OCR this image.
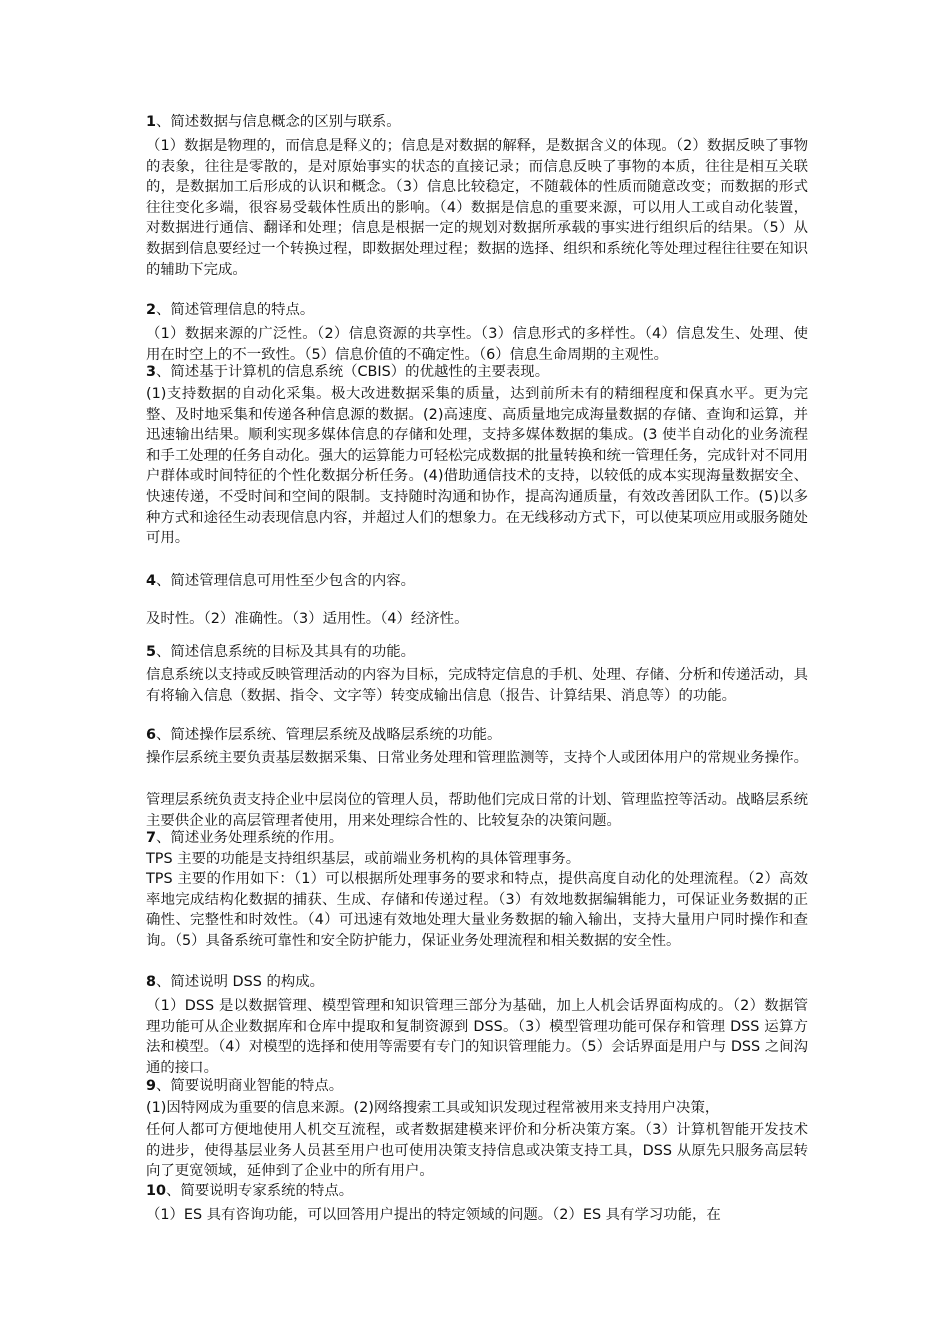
1、简述数据与信息概念的区别与联系。

（1）数据是物理的，而信息是释义的；信息是对数据的解释，是数据含义的体现。（2）数据反映了事物的表象，往往是零散的，是对原始事实的状态的直接记录；而信息反映了事物的本质，往往是相互关联的，是数据加工后形成的认识和概念。（3）信息比较稳定，不随载体的性质而随意改变；而数据的形式往往变化多端，很容易受载体性质出的影响。（4）数据是信息的重要来源，可以用人工或自动化装置，对数据进行通信、翻译和处理；信息是根据一定的规划对数据所承载的事实进行组织后的结果。（5）从数据到信息要经过一个转换过程，即数据处理过程；数据的选择、组织和系统化等处理过程往往要在知识的辅助下完成。

2、简述管理信息的特点。

（1）数据来源的广泛性。（2）信息资源的共享性。（3）信息形式的多样性。（4）信息发生、处理、使用在时空上的不一致性。（5）信息价值的不确定性。（6）信息生命周期的主观性。

3、简述基于计算机的信息系统（CBIS）的优越性的主要表现。

(1)支持数据的自动化采集。极大改进数据采集的质量，达到前所未有的精细程度和保真水平。更为完整、及时地采集和传递各种信息源的数据。(2)高速度、高质量地完成海量数据的存储、查询和运算，并迅速输出结果。顺利实现多媒体信息的存储和处理，支持多媒体数据的集成。(3 使半自动化的业务流程和手工处理的任务自动化。强大的运算能力可轻松完成数据的批量转换和统一管理任务，完成针对不同用户群体或时间特征的个性化数据分析任务。(4)借助通信技术的支持，以较低的成本实现海量数据安全、快速传递，不受时间和空间的限制。支持随时沟通和协作，提高沟通质量，有效改善团队工作。(5)以多种方式和途径生动表现信息内容，并超过人们的想象力。在无线移动方式下，可以使某项应用或服务随处可用。

4、简述管理信息可用性至少包含的内容。

及时性。（2）准确性。（3）适用性。（4）经济性。

5、简述信息系统的目标及其具有的功能。

信息系统以支持或反映管理活动的内容为目标，完成特定信息的手机、处理、存储、分析和传递活动，具有将输入信息（数据、指令、文字等）转变成输出信息（报告、计算结果、消息等）的功能。

6、简述操作层系统、管理层系统及战略层系统的功能。

操作层系统主要负责基层数据采集、日常业务处理和管理监测等，支持个人或团体用户的常规业务操作。

管理层系统负责支持企业中层岗位的管理人员，帮助他们完成日常的计划、管理监控等活动。战略层系统主要供企业的高层管理者使用，用来处理综合性的、比较复杂的决策问题。

7、简述业务处理系统的作用。

TPS 主要的功能是支持组织基层，或前端业务机构的具体管理事务。

TPS 主要的作用如下：（1）可以根据所处理事务的要求和特点，提供高度自动化的处理流程。（2）高效率地完成结构化数据的捕获、生成、存储和传递过程。（3）有效地数据编辑能力，可保证业务数据的正确性、完整性和时效性。（4）可迅速有效地处理大量业务数据的输入输出，支持大量用户同时操作和查询。（5）具备系统可靠性和安全防护能力，保证业务处理流程和相关数据的安全性。

8、简述说明 DSS 的构成。

（1）DSS 是以数据管理、模型管理和知识管理三部分为基础，加上人机会话界面构成的。（2）数据管理功能可从企业数据库和仓库中提取和复制资源到 DSS。（3）模型管理功能可保存和管理 DSS 运算方法和模型。（4）对模型的选择和使用等需要有专门的知识管理能力。（5）会话界面是用户与 DSS 之间沟通的接口。

9、简要说明商业智能的特点。

(1)因特网成为重要的信息来源。(2)网络搜索工具或知识发现过程常被用来支持用户决策，

任何人都可方便地使用人机交互流程，或者数据建模来评价和分析决策方案。（3）计算机智能开发技术的进步，使得基层业务人员甚至用户也可使用决策支持信息或决策支持工具，DSS 从原先只服务高层转向了更宽领域，延伸到了企业中的所有用户。

10、简要说明专家系统的特点。

（1）ES 具有咨询功能，可以回答用户提出的特定领域的问题。（2）ES 具有学习功能，在
